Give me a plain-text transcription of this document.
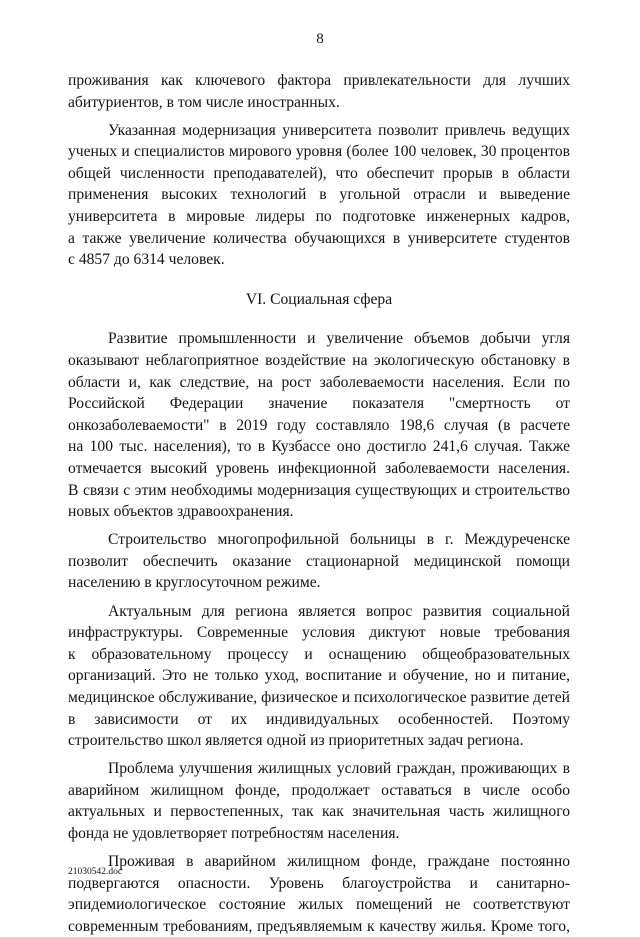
8
проживания как ключевого фактора привлекательности для лучших
абитуриентов, в том числе иностранных.
Указанная модернизация университета позволит привлечь ведущих
ученых и специалистов мирового уровня (более 100 человек, 30 процентов
общей численности преподавателей), что обеспечит прорыв в области
применения высоких технологий в угольной отрасли и выведение
университета в мировые лидеры по подготовке инженерных кадров,
а также увеличение количества обучающихся в университете студентов
с 4857 до 6314 человек.
VI. Социальная сфера
Развитие промышленности и увеличение объемов добычи угля
оказывают неблагоприятное воздействие на экологическую обстановку в
области и, как следствие, на рост заболеваемости населения. Если по
Российской Федерации значение показателя "смертность от
онкозаболеваемости" в 2019 году составляло 198,6 случая (в расчете
на 100 тыс. населения), то в Кузбассе оно достигло 241,6 случая. Также
отмечается высокий уровень инфекционной заболеваемости населения.
В связи с этим необходимы модернизация существующих и строительство
новых объектов здравоохранения.
Строительство многопрофильной больницы в г. Междуреченске
позволит обеспечить оказание стационарной медицинской помощи
населению в круглосуточном режиме.
Актуальным для региона является вопрос развития социальной
инфраструктуры. Современные условия диктуют новые требования
к образовательному процессу и оснащению общеобразовательных
организаций. Это не только уход, воспитание и обучение, но и питание,
медицинское обслуживание, физическое и психологическое развитие детей
в зависимости от их индивидуальных особенностей. Поэтому
строительство школ является одной из приоритетных задач региона.
Проблема улучшения жилищных условий граждан, проживающих в
аварийном жилищном фонде, продолжает оставаться в числе особо
актуальных и первостепенных, так как значительная часть жилищного
фонда не удовлетворяет потребностям населения.
Проживая в аварийном жилищном фонде, граждане постоянно
подвергаются опасности. Уровень благоустройства и санитарно-
эпидемиологическое состояние жилых помещений не соответствуют
современным требованиям, предъявляемым к качеству жилья. Кроме того,
21030542.doc
